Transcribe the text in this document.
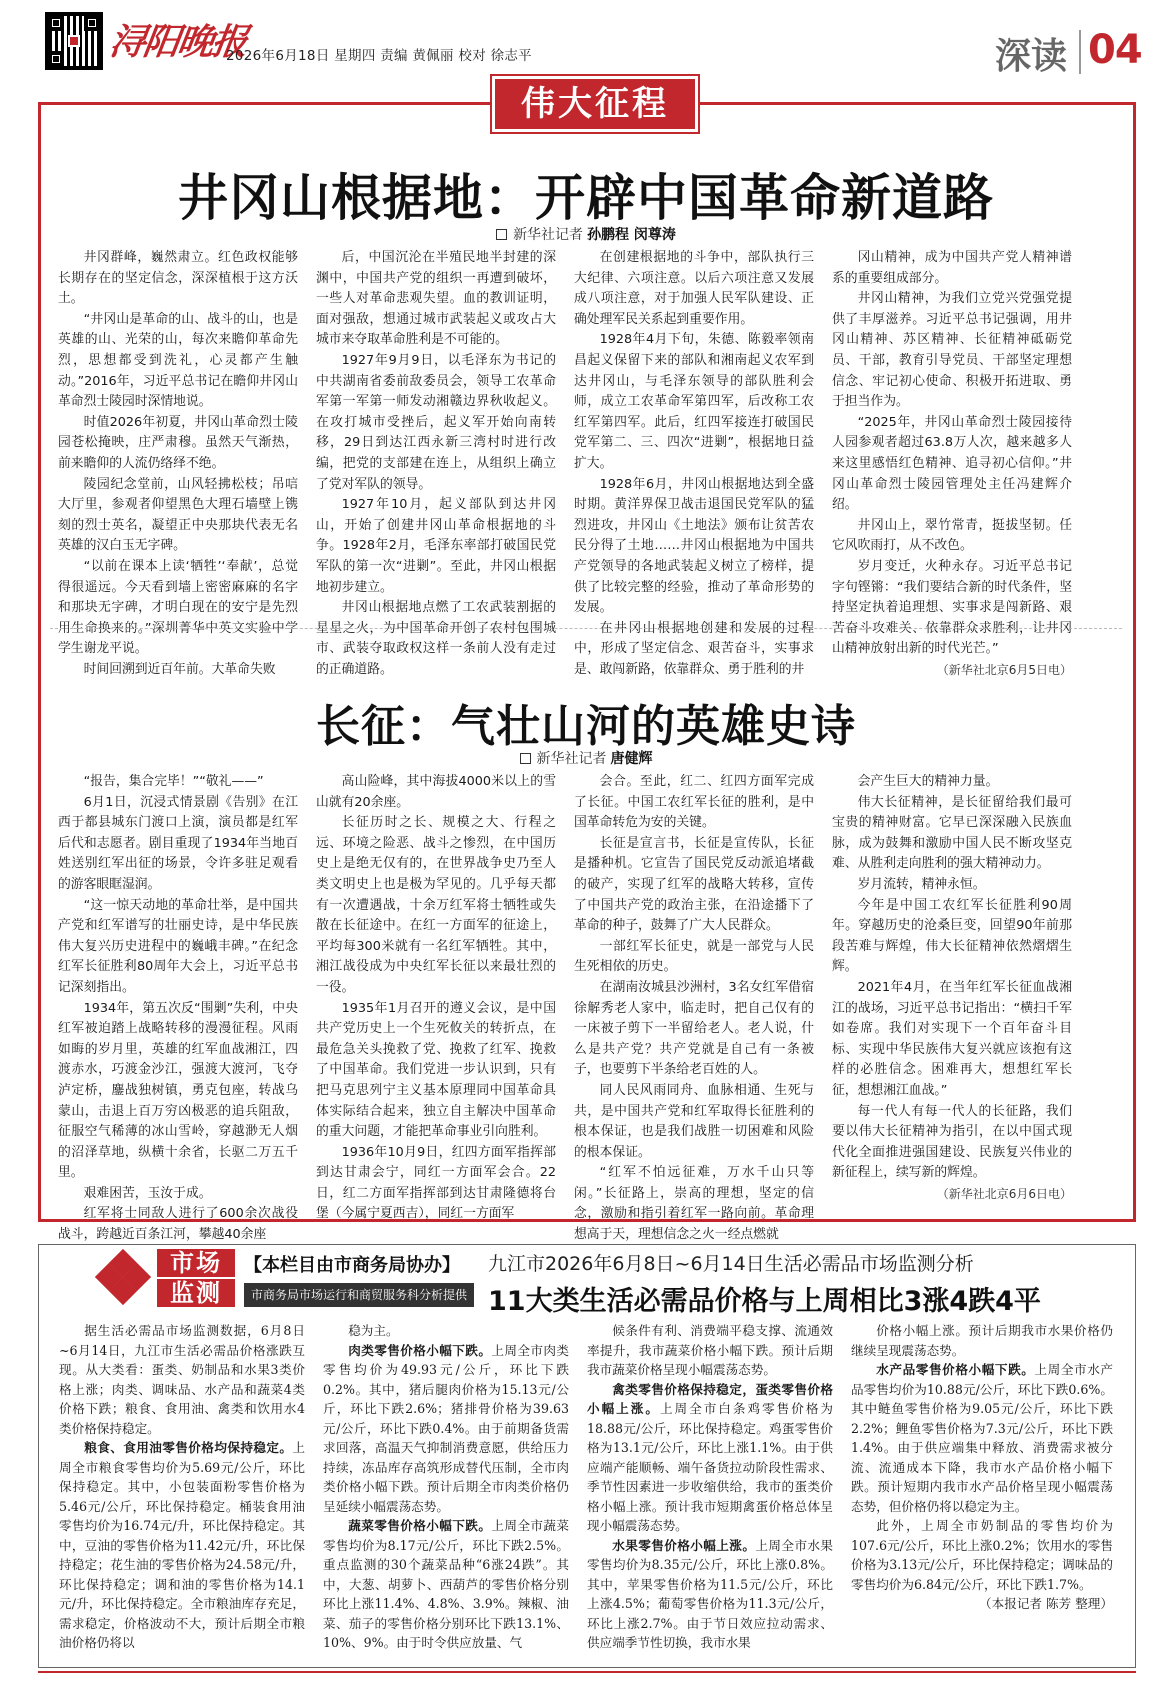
浔阳晚报
2026年6月18日 星期四 责编 黄佩丽 校对 徐志平	深读 04
伟大征程
井冈山根据地：开辟中国革命新道路
新华社记者 孙鹏程 闵尊涛

井冈群峰，巍然肃立。红色政权能够长期存在的坚定信念，深深植根于这方沃土。

“井冈山是革命的山、战斗的山，也是英雄的山、光荣的山，每次来瞻仰革命先烈，思想都受到洗礼，心灵都产生触动。”2016年，习近平总书记在瞻仰井冈山革命烈士陵园时深情地说。

时值2026年初夏，井冈山革命烈士陵园苍松掩映，庄严肃穆。虽然天气渐热，前来瞻仰的人流仍络绎不绝。

陵园纪念堂前，山风轻拂松枝；吊唁大厅里，参观者仰望黑色大理石墙壁上镌刻的烈士英名，凝望正中央那块代表无名英雄的汉白玉无字碑。

“以前在课本上读‘牺牲’‘奉献’，总觉得很遥远。今天看到墙上密密麻麻的名字和那块无字碑，才明白现在的安宁是先烈用生命换来的。”深圳菁华中英文实验中学学生谢龙平说。

时间回溯到近百年前。大革命失败

后，中国沉沦在半殖民地半封建的深渊中，中国共产党的组织一再遭到破坏，一些人对革命悲观失望。血的教训证明，面对强敌，想通过城市武装起义或攻占大城市来夺取革命胜利是不可能的。

1927年9月9日，以毛泽东为书记的中共湖南省委前敌委员会，领导工农革命军第一军第一师发动湘赣边界秋收起义。在攻打城市受挫后，起义军开始向南转移，29日到达江西永新三湾村时进行改编，把党的支部建在连上，从组织上确立了党对军队的领导。

1927年10月，起义部队到达井冈山，开始了创建井冈山革命根据地的斗争。1928年2月，毛泽东率部打破国民党军队的第一次“进剿”。至此，井冈山根据地初步建立。

井冈山根据地点燃了工农武装割据的星星之火，为中国革命开创了农村包围城市、武装夺取政权这样一条前人没有走过的正确道路。

在创建根据地的斗争中，部队执行三大纪律、六项注意。以后六项注意又发展成八项注意，对于加强人民军队建设、正确处理军民关系起到重要作用。

1928年4月下旬，朱德、陈毅率领南昌起义保留下来的部队和湘南起义农军到达井冈山，与毛泽东领导的部队胜利会师，成立工农革命军第四军，后改称工农红军第四军。此后，红四军接连打破国民党军第二、三、四次“进剿”，根据地日益扩大。

1928年6月，井冈山根据地达到全盛时期。黄洋界保卫战击退国民党军队的猛烈进攻，井冈山《土地法》颁布让贫苦农民分得了土地……井冈山根据地为中国共产党领导的各地武装起义树立了榜样，提供了比较完整的经验，推动了革命形势的发展。

在井冈山根据地创建和发展的过程中，形成了坚定信念、艰苦奋斗，实事求是、敢闯新路，依靠群众、勇于胜利的井

冈山精神，成为中国共产党人精神谱系的重要组成部分。

井冈山精神，为我们立党兴党强党提供了丰厚滋养。习近平总书记强调，用井冈山精神、苏区精神、长征精神砥砺党员、干部，教育引导党员、干部坚定理想信念、牢记初心使命、积极开拓进取、勇于担当作为。

“2025年，井冈山革命烈士陵园接待人园参观者超过63.8万人次，越来越多人来这里感悟红色精神、追寻初心信仰。”井冈山革命烈士陵园管理处主任冯建辉介绍。

井冈山上，翠竹常青，挺拔坚韧。任它风吹雨打，从不改色。

岁月变迁，火种永存。习近平总书记字句铿锵：“我们要结合新的时代条件，坚持坚定执着追理想、实事求是闯新路、艰苦奋斗攻难关、依靠群众求胜利，让井冈山精神放射出新的时代光芒。”

（新华社北京6月5日电）

长征：气壮山河的英雄史诗
新华社记者 唐健辉

“报告，集合完毕！”“敬礼——”

6月1日，沉浸式情景剧《告别》在江西于都县城东门渡口上演，演员都是红军后代和志愿者。剧目重现了1934年当地百姓送别红军出征的场景，令许多驻足观看的游客眼眶湿润。

“这一惊天动地的革命壮举，是中国共产党和红军谱写的壮丽史诗，是中华民族伟大复兴历史进程中的巍峨丰碑。”在纪念红军长征胜利80周年大会上，习近平总书记深刻指出。

1934年，第五次反“围剿”失利，中央红军被迫踏上战略转移的漫漫征程。风雨如晦的岁月里，英雄的红军血战湘江，四渡赤水，巧渡金沙江，强渡大渡河，飞夺泸定桥，鏖战独树镇，勇克包座，转战乌蒙山，击退上百万穷凶极恶的追兵阻敌，征服空气稀薄的冰山雪岭，穿越渺无人烟的沼泽草地，纵横十余省，长驱二万五千里。

艰难困苦，玉汝于成。

红军将士同敌人进行了600余次战役战斗，跨越近百条江河，攀越40余座

高山险峰，其中海拔4000米以上的雪山就有20余座。

长征历时之长、规模之大、行程之远、环境之险恶、战斗之惨烈，在中国历史上是绝无仅有的，在世界战争史乃至人类文明史上也是极为罕见的。几乎每天都有一次遭遇战，十余万红军将士牺牲或失散在长征途中。在红一方面军的征途上，平均每300米就有一名红军牺牲。其中，湘江战役成为中央红军长征以来最壮烈的一役。

1935年1月召开的遵义会议，是中国共产党历史上一个生死攸关的转折点，在最危急关头挽救了党、挽救了红军、挽救了中国革命。我们党进一步认识到，只有把马克思列宁主义基本原理同中国革命具体实际结合起来，独立自主解决中国革命的重大问题，才能把革命事业引向胜利。

1936年10月9日，红四方面军指挥部到达甘肃会宁，同红一方面军会合。22日，红二方面军指挥部到达甘肃隆德将台堡（今属宁夏西吉），同红一方面军

会合。至此，红二、红四方面军完成了长征。中国工农红军长征的胜利，是中国革命转危为安的关键。

长征是宣言书，长征是宣传队，长征是播种机。它宣告了国民党反动派追堵截的破产，实现了红军的战略大转移，宣传了中国共产党的政治主张，在沿途播下了革命的种子，鼓舞了广大人民群众。

一部红军长征史，就是一部党与人民生死相依的历史。

在湖南汝城县沙洲村，3名女红军借宿徐解秀老人家中，临走时，把自己仅有的一床被子剪下一半留给老人。老人说，什么是共产党？共产党就是自己有一条被子，也要剪下半条给老百姓的人。

同人民风雨同舟、血脉相通、生死与共，是中国共产党和红军取得长征胜利的根本保证，也是我们战胜一切困难和风险的根本保证。

“红军不怕远征难，万水千山只等闲。”长征路上，崇高的理想，坚定的信念，激励和指引着红军一路向前。革命理想高于天，理想信念之火一经点燃就

会产生巨大的精神力量。

伟大长征精神，是长征留给我们最可宝贵的精神财富。它早已深深融入民族血脉，成为鼓舞和激励中国人民不断攻坚克难、从胜利走向胜利的强大精神动力。

岁月流转，精神永恒。

今年是中国工农红军长征胜利90周年。穿越历史的沧桑巨变，回望90年前那段苦难与辉煌，伟大长征精神依然熠熠生辉。

2021年4月，在当年红军长征血战湘江的战场，习近平总书记指出：“横扫千军如卷席。我们对实现下一个百年奋斗目标、实现中华民族伟大复兴就应该抱有这样的必胜信念。困难再大，想想红军长征，想想湘江血战。”

每一代人有每一代人的长征路，我们要以伟大长征精神为指引，在以中国式现代化全面推进强国建设、民族复兴伟业的新征程上，续写新的辉煌。

（新华社北京6月6日电）

市场
监测
【本栏目由市商务局协办】
市商务局市场运行和商贸服务科分析提供
九江市2026年6月8日~6月14日生活必需品市场监测分析
11大类生活必需品价格与上周相比3涨4跌4平

据生活必需品市场监测数据，6月8日~6月14日，九江市生活必需品价格涨跌互现。从大类看：蛋类、奶制品和水果3类价格上涨；肉类、调味品、水产品和蔬菜4类价格下跌；粮食、食用油、禽类和饮用水4类价格保持稳定。

粮食、食用油零售价格均保持稳定。上周全市粮食零售均价为5.69元/公斤，环比保持稳定。其中，小包装面粉零售价格为5.46元/公斤，环比保持稳定。桶装食用油零售均价为16.74元/升，环比保持稳定。其中，豆油的零售价格为11.42元/升，环比保持稳定；花生油的零售价格为24.58元/升，环比保持稳定；调和油的零售价格为14.1元/升，环比保持稳定。全市粮油库存充足，需求稳定，价格波动不大，预计后期全市粮油价格仍将以

稳为主。

肉类零售价格小幅下跌。上周全市肉类零售均价为49.93元/公斤，环比下跌0.2%。其中，猪后腿肉价格为15.13元/公斤，环比下跌2.6%；猪排骨价格为39.63元/公斤，环比下跌0.4%。由于前期备货需求回落，高温天气抑制消费意愿，供给压力持续，冻品库存高筑形成替代压制，全市肉类价格小幅下跌。预计后期全市肉类价格仍呈延续小幅震荡态势。

蔬菜零售价格小幅下跌。上周全市蔬菜零售均价为8.17元/公斤，环比下跌2.5%。重点监测的30个蔬菜品种“6涨24跌”。其中，大葱、胡萝卜、西葫芦的零售价格分别环比上涨11.4%、4.8%、3.9%。辣椒、油菜、茄子的零售价格分别环比下跌13.1%、10%、9%。由于时令供应放量、气

候条件有利、消费端平稳支撑、流通效率提升，我市蔬菜价格小幅下跌。预计后期我市蔬菜价格呈现小幅震荡态势。

禽类零售价格保持稳定，蛋类零售价格小幅上涨。上周全市白条鸡零售价格为18.88元/公斤，环比保持稳定。鸡蛋零售价格为13.1元/公斤，环比上涨1.1%。由于供应端产能顺畅、端午备货拉动阶段性需求、季节性因素进一步收缩供给，我市的蛋类价格小幅上涨。预计我市短期禽蛋价格总体呈现小幅震荡态势。

水果零售价格小幅上涨。上周全市水果零售均价为8.35元/公斤，环比上涨0.8%。其中，苹果零售价格为11.5元/公斤，环比上涨4.5%；葡萄零售价格为11.3元/公斤，环比上涨2.7%。由于节日效应拉动需求、供应端季节性切换，我市水果

价格小幅上涨。预计后期我市水果价格仍继续呈现震荡态势。

水产品零售价格小幅下跌。上周全市水产品零售均价为10.88元/公斤，环比下跌0.6%。其中鲢鱼零售价格为9.05元/公斤，环比下跌2.2%；鲤鱼零售价格为7.3元/公斤，环比下跌1.4%。由于供应端集中释放、消费需求被分流、流通成本下降，我市水产品价格小幅下跌。预计短期内我市水产品价格呈现小幅震荡态势，但价格仍将以稳定为主。

此外，上周全市奶制品的零售均价为107.6元/公斤，环比上涨0.2%；饮用水的零售价格为3.13元/公斤，环比保持稳定；调味品的零售均价为6.84元/公斤，环比下跌1.7%。

（本报记者 陈芳 整理）
